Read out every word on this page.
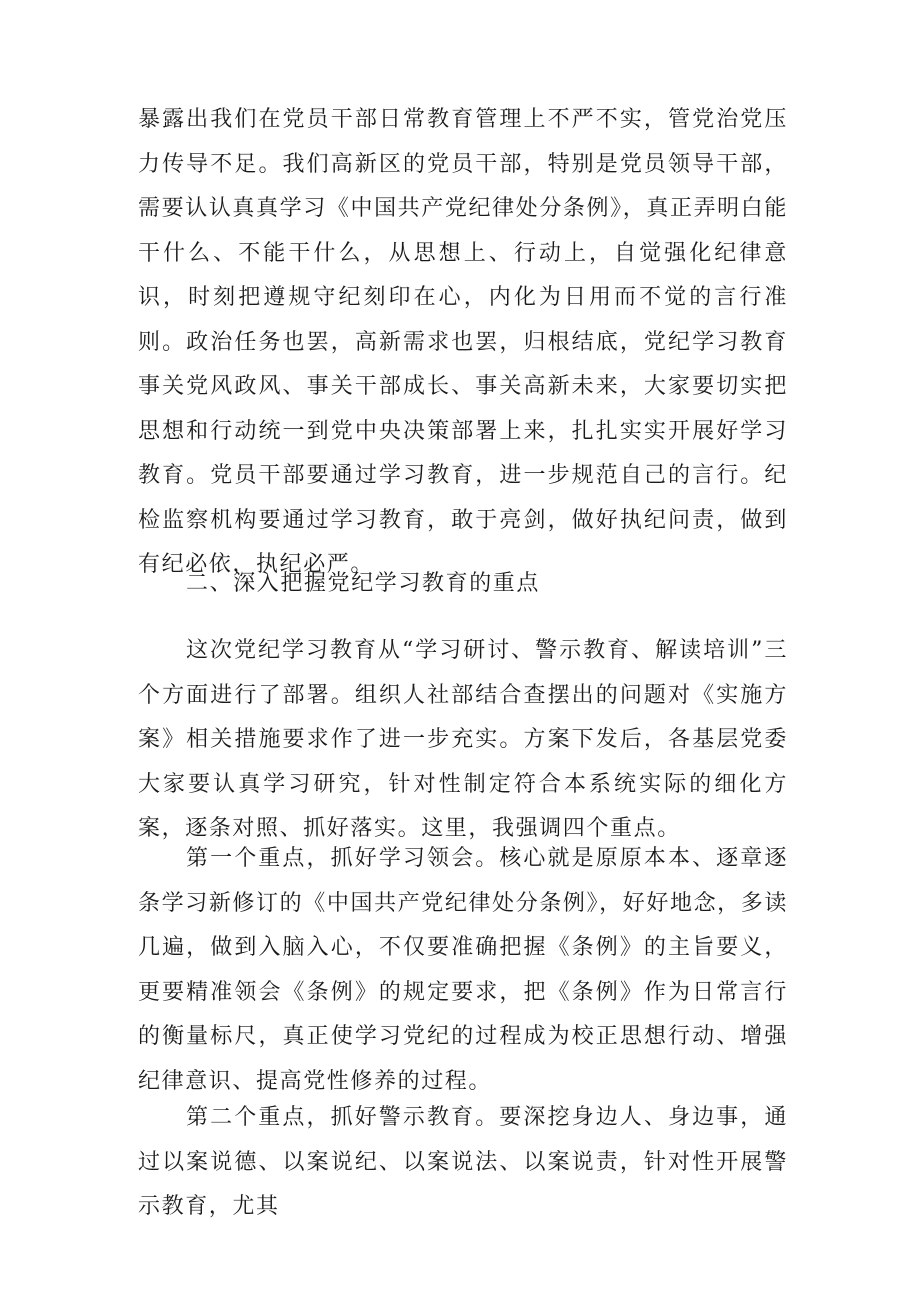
暴露出我们在党员干部日常教育管理上不严不实，管党治党压力传导不足。我们高新区的党员干部，特别是党员领导干部，需要认认真真学习《中国共产党纪律处分条例》，真正弄明白能干什么、不能干什么，从思想上、行动上，自觉强化纪律意识，时刻把遵规守纪刻印在心，内化为日用而不觉的言行准则。政治任务也罢，高新需求也罢，归根结底，党纪学习教育事关党风政风、事关干部成长、事关高新未来，大家要切实把思想和行动统一到党中央决策部署上来，扎扎实实开展好学习教育。党员干部要通过学习教育，进一步规范自己的言行。纪检监察机构要通过学习教育，敢于亮剑，做好执纪问责，做到有纪必依，执纪必严。

二、深入把握党纪学习教育的重点

这次党纪学习教育从“学习研讨、警示教育、解读培训”三个方面进行了部署。组织人社部结合查摆出的问题对《实施方案》相关措施要求作了进一步充实。方案下发后，各基层党委大家要认真学习研究，针对性制定符合本系统实际的细化方案，逐条对照、抓好落实。这里，我强调四个重点。

第一个重点，抓好学习领会。核心就是原原本本、逐章逐条学习新修订的《中国共产党纪律处分条例》，好好地念，多读几遍，做到入脑入心，不仅要准确把握《条例》的主旨要义，更要精准领会《条例》的规定要求，把《条例》作为日常言行的衡量标尺，真正使学习党纪的过程成为校正思想行动、增强纪律意识、提高党性修养的过程。

第二个重点，抓好警示教育。要深挖身边人、身边事，通过以案说德、以案说纪、以案说法、以案说责，针对性开展警示教育，尤其
